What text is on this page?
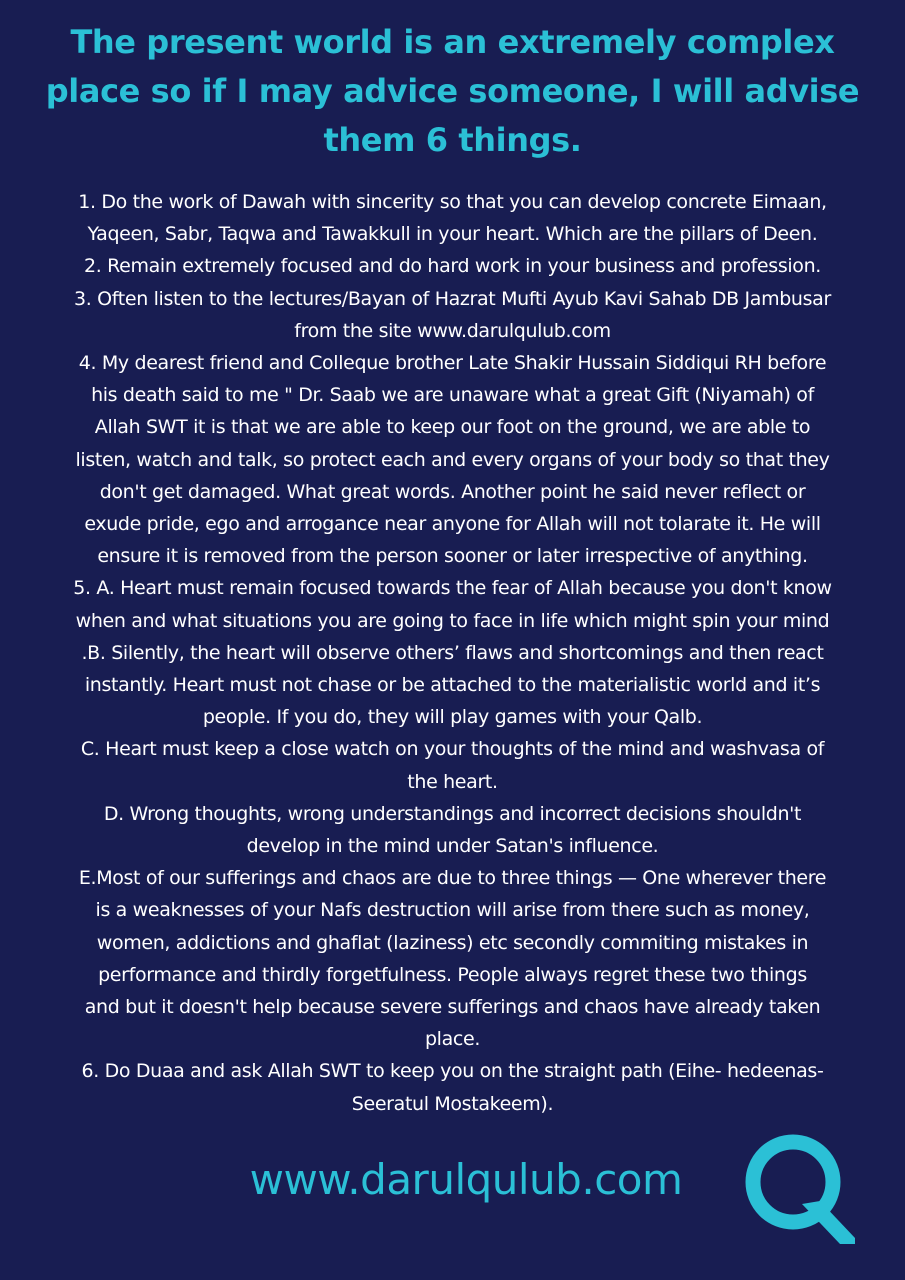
The present world is an extremely complex place so if I may advice someone, I will advise them 6 things.
1. Do the work of Dawah with sincerity so that you can develop concrete Eimaan,
Yaqeen, Sabr, Taqwa and Tawakkull in your heart. Which are the pillars of Deen.
2. Remain extremely focused and do hard work in your business and profession.
3. Often listen to the lectures/Bayan of Hazrat Mufti Ayub Kavi Sahab DB Jambusar
from the site www.darulqulub.com
4. My dearest friend and Colleque brother Late Shakir Hussain Siddiqui RH before
his death said to me " Dr. Saab we are unaware what a great Gift (Niyamah) of
Allah SWT it is that we are able to keep our foot on the ground, we are able to
listen, watch and talk, so protect each and every organs of your body so that they
don't get damaged. What great words. Another point he said never reflect or
exude pride, ego and arrogance near anyone for Allah will not tolarate it. He will
ensure it is removed from the person sooner or later irrespective of anything.
5. A. Heart must remain focused towards the fear of Allah because you don't know
when and what situations you are going to face in life which might spin your mind
.B. Silently, the heart will observe others’ flaws and shortcomings and then react
instantly. Heart must not chase or be attached to the materialistic world and it’s
people. If you do, they will play games with your Qalb.
C. Heart must keep a close watch on your thoughts of the mind and washvasa of
the heart.
D. Wrong thoughts, wrong understandings and incorrect decisions shouldn't
develop in the mind under Satan's influence.
E.Most of our sufferings and chaos are due to three things — One wherever there
is a weaknesses of your Nafs destruction will arise from there such as money,
women, addictions and ghaflat (laziness) etc secondly commiting mistakes in
performance and thirdly forgetfulness. People always regret these two things
and but it doesn't help because severe sufferings and chaos have already taken
place.
6. Do Duaa and ask Allah SWT to keep you on the straight path (Eihe- hedeenas-
Seeratul Mostakeem).
www.darulqulub.com
